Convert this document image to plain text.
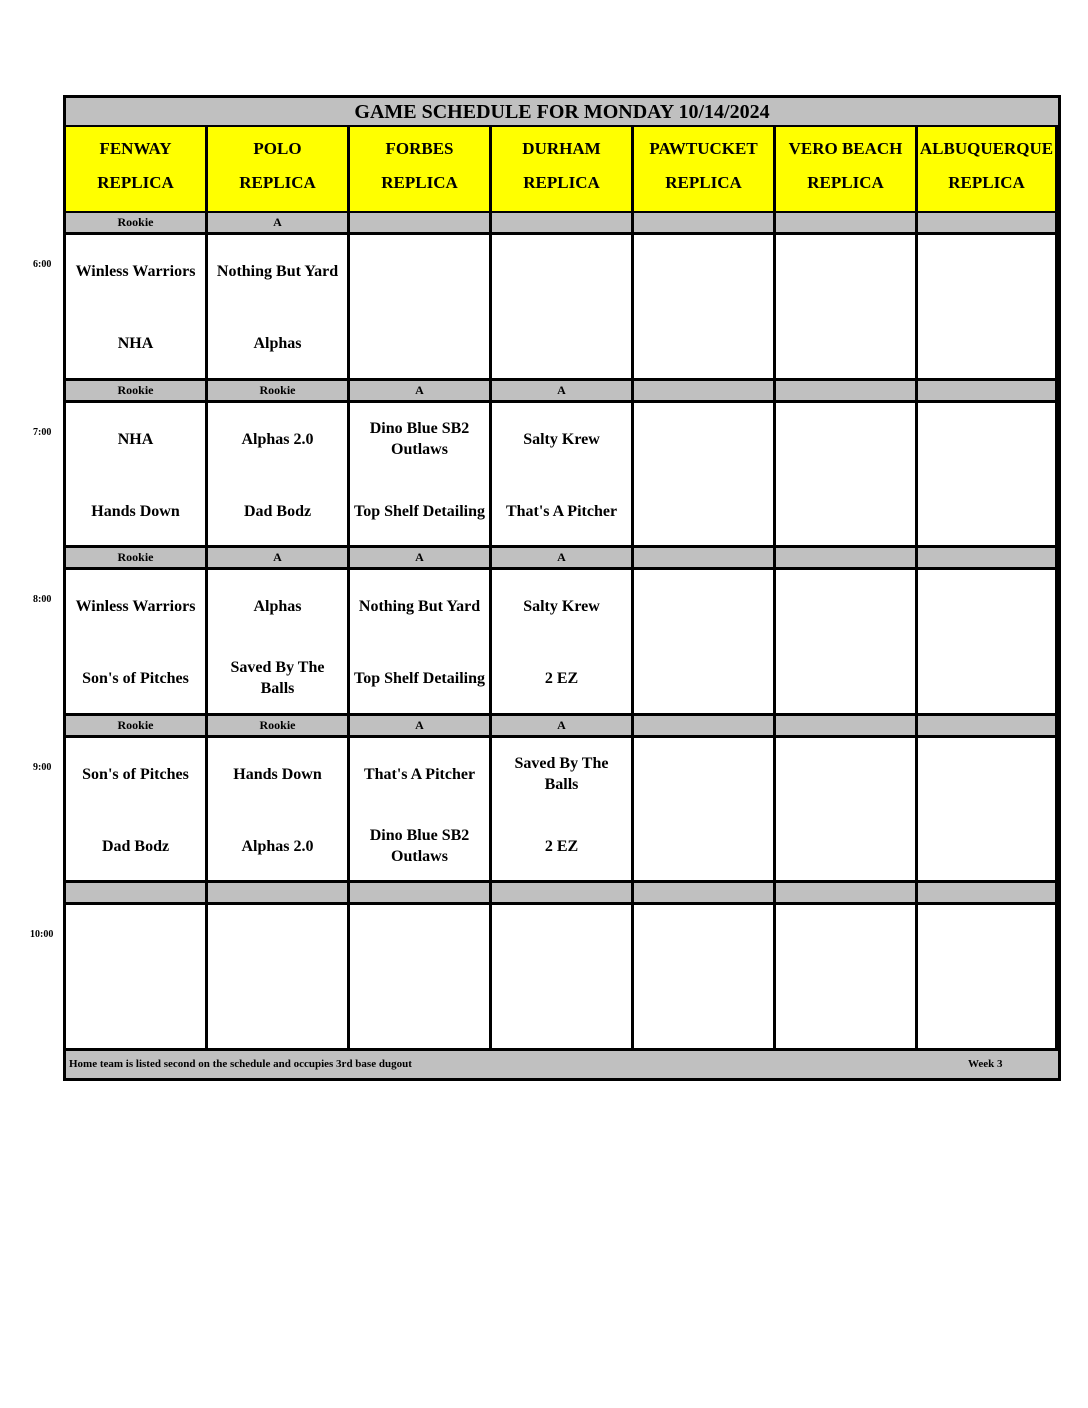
6:00
7:00
8:00
9:00
10:00
GAME SCHEDULE FOR MONDAY 10/14/2024
FENWAY
REPLICA
POLO
REPLICA
FORBES
REPLICA
DURHAM
REPLICA
PAWTUCKET
REPLICA
VERO BEACH
REPLICA
ALBUQUERQUE
REPLICA
Rookie
Winless Warriors
NHA
A
Nothing But Yard
Alphas
Rookie
NHA
Hands Down
Rookie
Alphas 2.0
Dad Bodz
A
Dino Blue SB2 Outlaws
Top Shelf Detailing
A
Salty Krew
That's A Pitcher
Rookie
Winless Warriors
Son's of Pitches
A
Alphas
Saved By The Balls
A
Nothing But Yard
Top Shelf Detailing
A
Salty Krew
2 EZ
Rookie
Son's of Pitches
Dad Bodz
Rookie
Hands Down
Alphas 2.0
A
That's A Pitcher
Dino Blue SB2 Outlaws
A
Saved By The Balls
2 EZ
Home team is listed second on the schedule and occupies 3rd base dugout	Week 3
